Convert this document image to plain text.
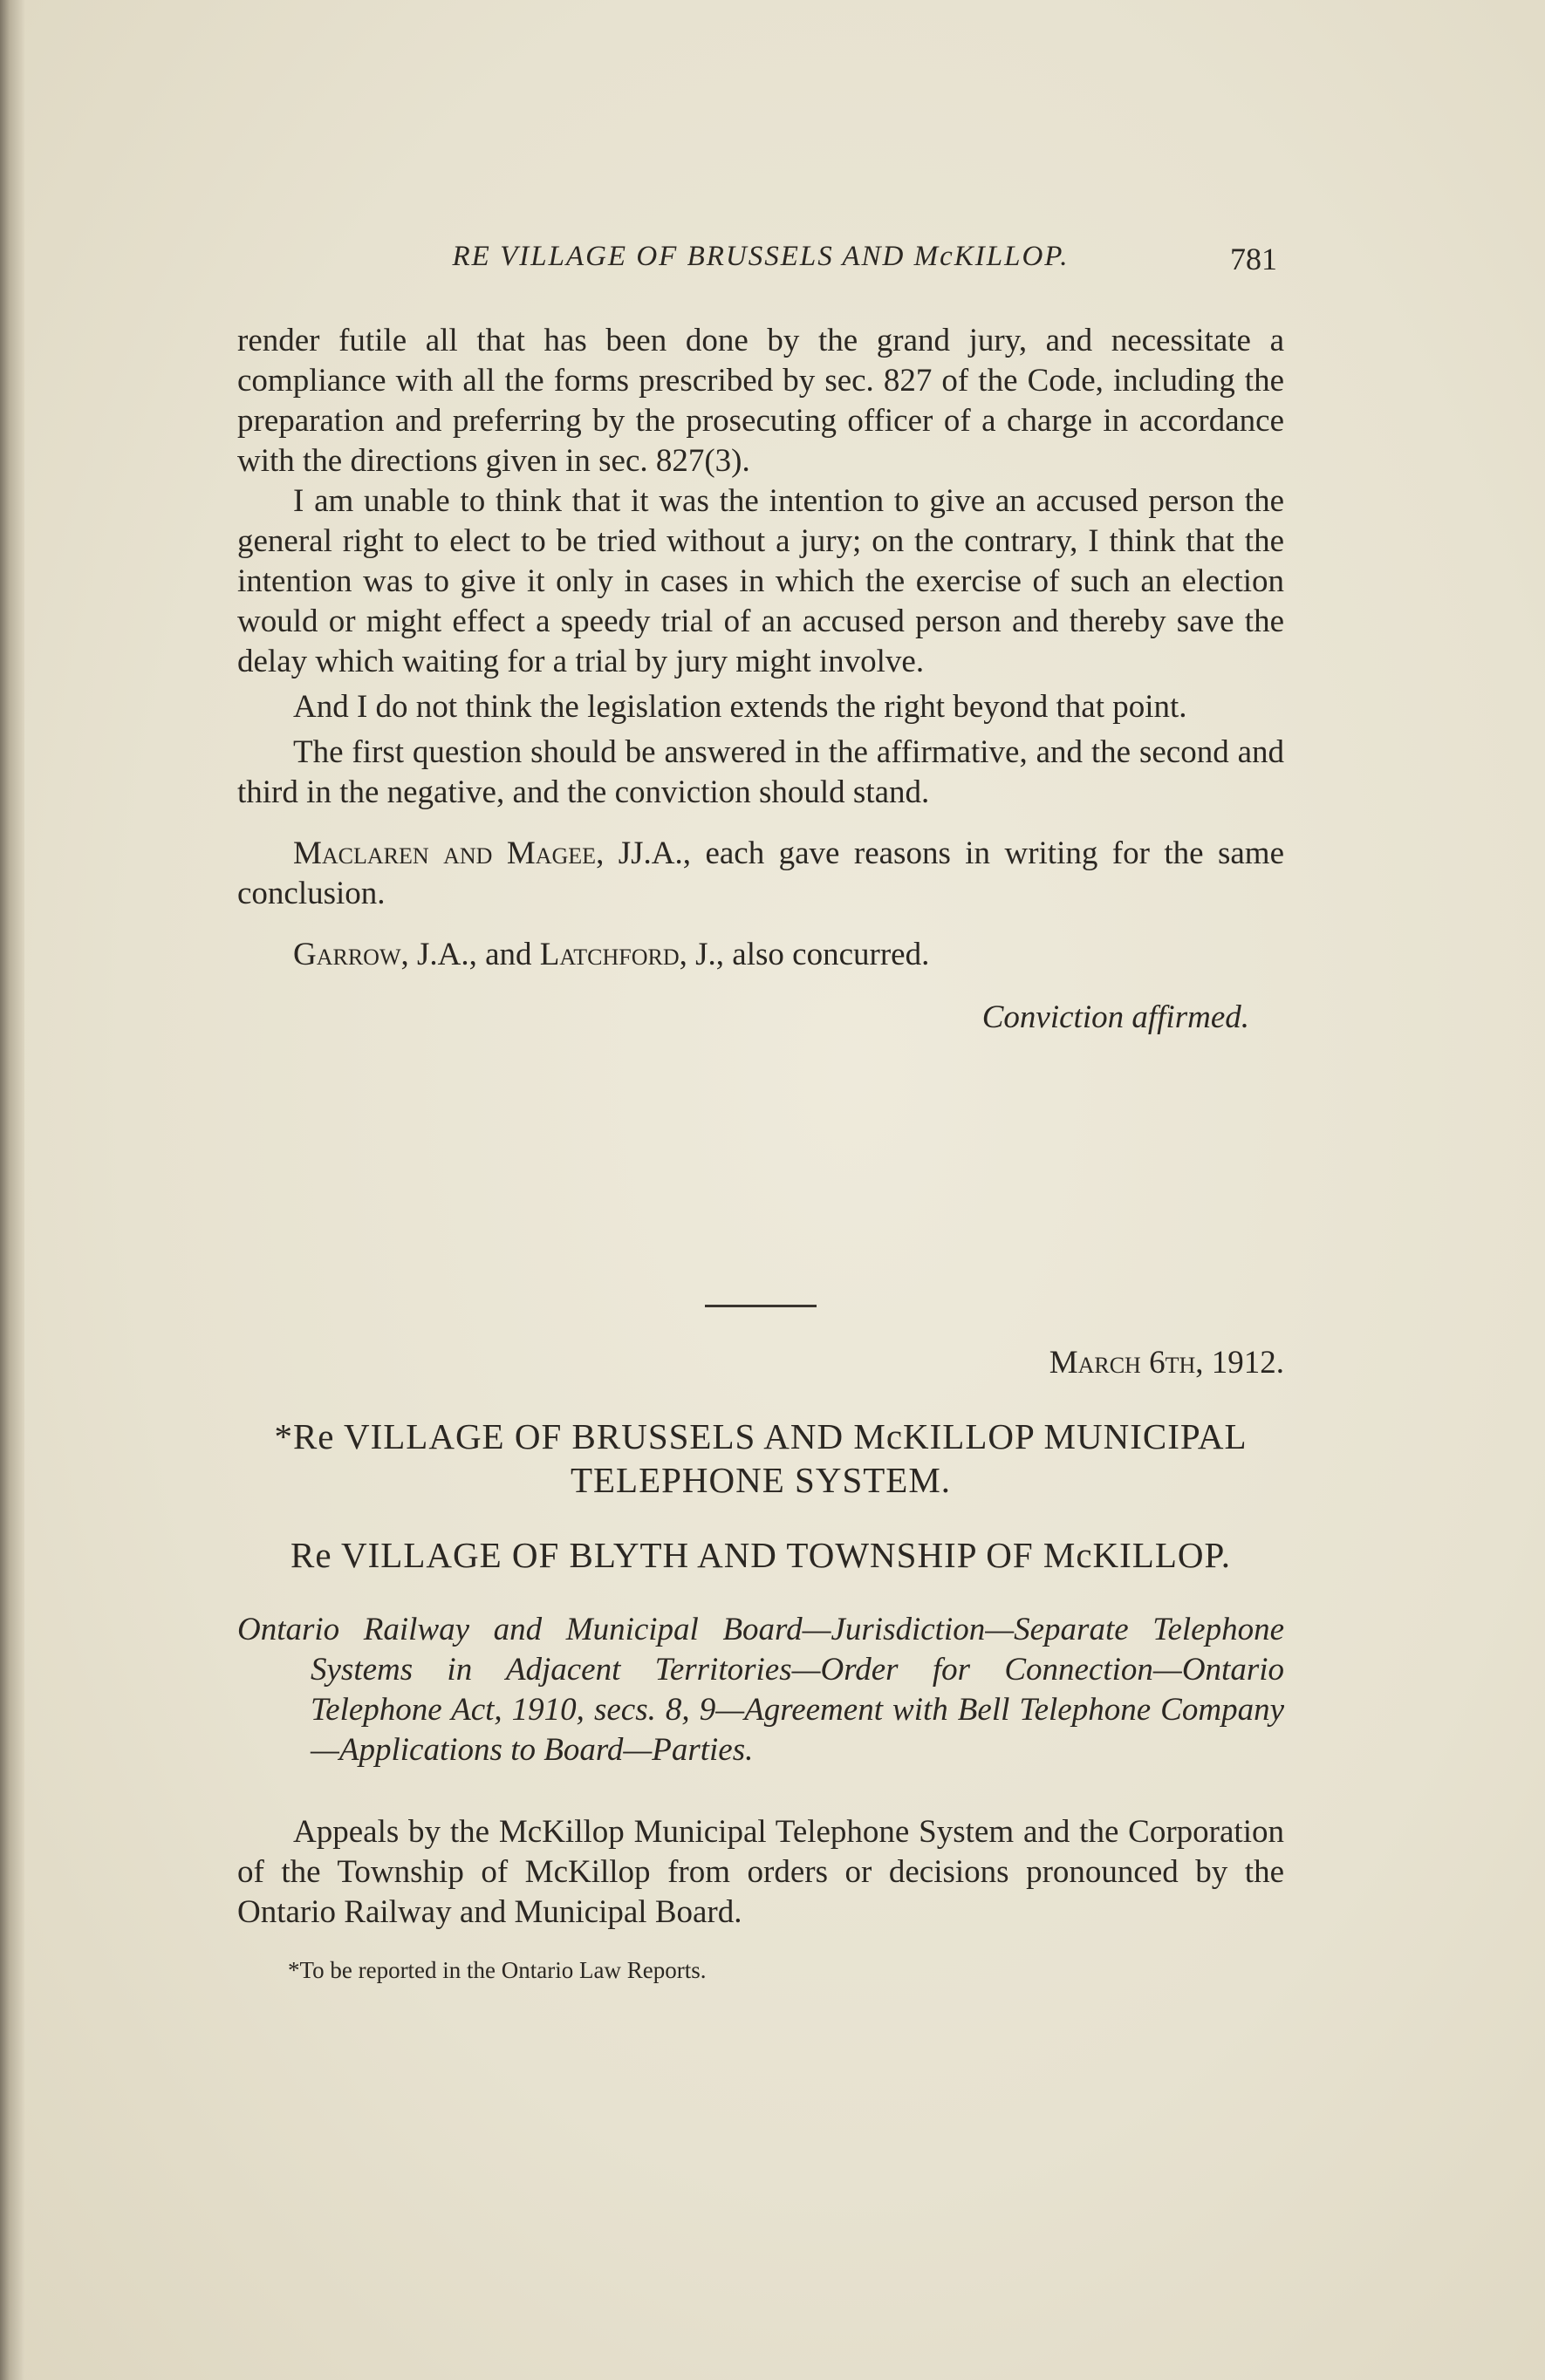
RE VILLAGE OF BRUSSELS AND McKILLOP.	781

render futile all that has been done by the grand jury, and necessitate a compliance with all the forms prescribed by sec. 827 of the Code, including the preparation and preferring by the prosecuting officer of a charge in accordance with the directions given in sec. 827(3).

I am unable to think that it was the intention to give an accused person the general right to elect to be tried without a jury; on the contrary, I think that the intention was to give it only in cases in which the exercise of such an election would or might effect a speedy trial of an accused person and thereby save the delay which waiting for a trial by jury might involve.

And I do not think the legislation extends the right beyond that point.

The first question should be answered in the affirmative, and the second and third in the negative, and the conviction should stand.

Maclaren and Magee, JJ.A., each gave reasons in writing for the same conclusion.

Garrow, J.A., and Latchford, J., also concurred.

Conviction affirmed.

March 6th, 1912.

*Re VILLAGE OF BRUSSELS AND McKILLOP MUNICIPAL TELEPHONE SYSTEM.

Re VILLAGE OF BLYTH AND TOWNSHIP OF McKILLOP.

Ontario Railway and Municipal Board—Jurisdiction—Separate Telephone Systems in Adjacent Territories—Order for Connection—Ontario Telephone Act, 1910, secs. 8, 9—Agreement with Bell Telephone Company—Applications to Board—Parties.

Appeals by the McKillop Municipal Telephone System and the Corporation of the Township of McKillop from orders or decisions pronounced by the Ontario Railway and Municipal Board.

*To be reported in the Ontario Law Reports.
